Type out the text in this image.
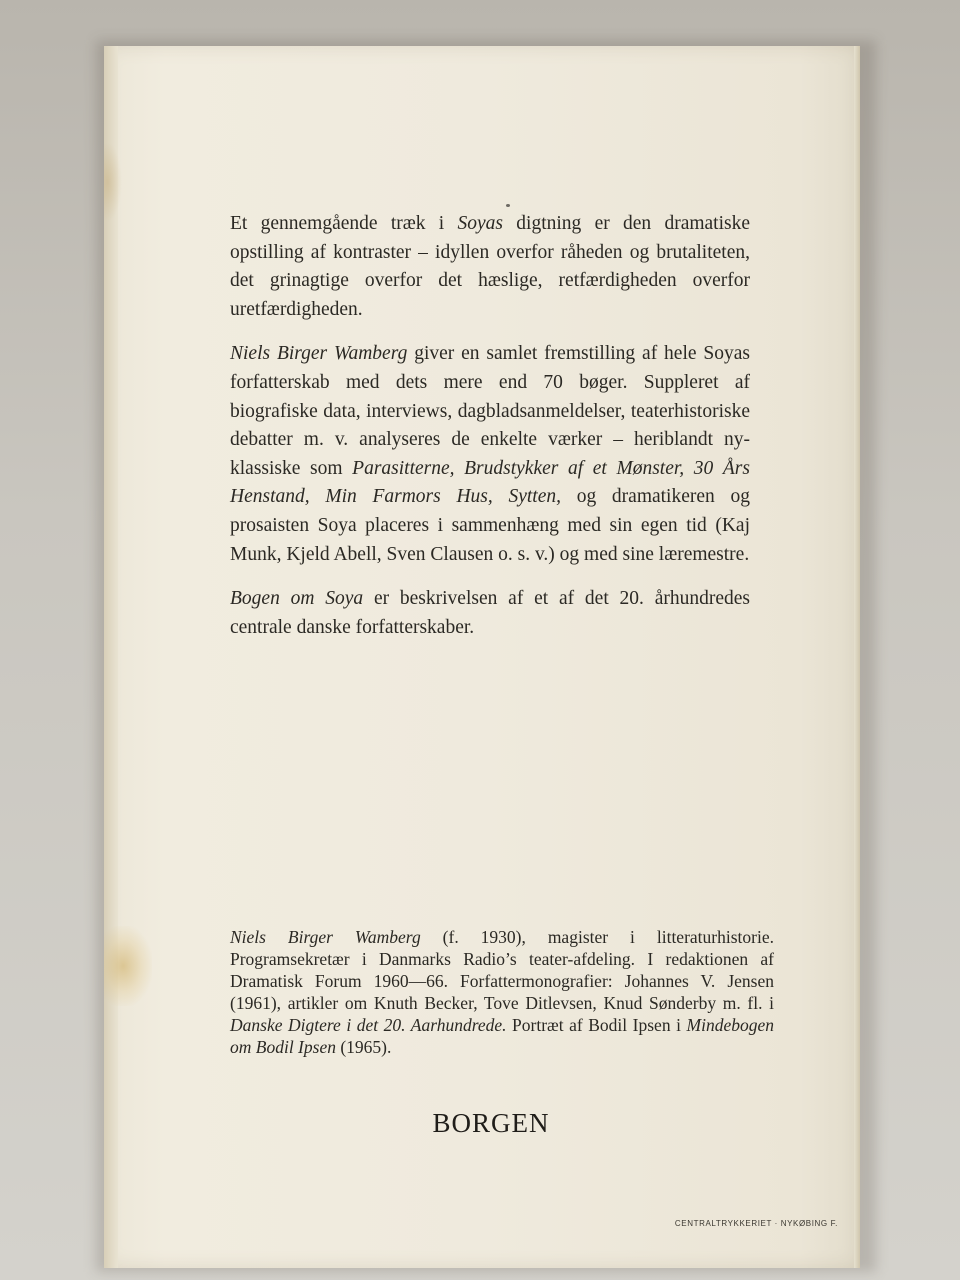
Et gennemgående træk i Soyas digtning er den dramatiske opstilling af kontraster – idyllen overfor råheden og brutaliteten, det grinagtige overfor det hæslige, retfærdigheden overfor uretfærdigheden.

Niels Birger Wamberg giver en samlet fremstilling af hele Soyas forfatterskab med dets mere end 70 bøger. Suppleret af biografiske data, interviews, dagbladsanmeldelser, teaterhistoriske debatter m. v. analyseres de enkelte værker – heriblandt ny-klassiske som Parasitterne, Brudstykker af et Mønster, 30 Års Henstand, Min Farmors Hus, Sytten, og dramatikeren og prosaisten Soya placeres i sammenhæng med sin egen tid (Kaj Munk, Kjeld Abell, Sven Clausen o. s. v.) og med sine læremestre.

Bogen om Soya er beskrivelsen af et af det 20. århundredes centrale danske forfatterskaber.

Niels Birger Wamberg (f. 1930), magister i litteraturhistorie. Programsekretær i Danmarks Radio’s teater-afdeling. I redaktionen af Dramatisk Forum 1960—66. Forfattermonografier: Johannes V. Jensen (1961), artikler om Knuth Becker, Tove Ditlevsen, Knud Sønderby m. fl. i Danske Digtere i det 20. Aarhundrede. Portræt af Bodil Ipsen i Mindebogen om Bodil Ipsen (1965).

BORGEN
CENTRALTRYKKERIET · NYKØBING F.
